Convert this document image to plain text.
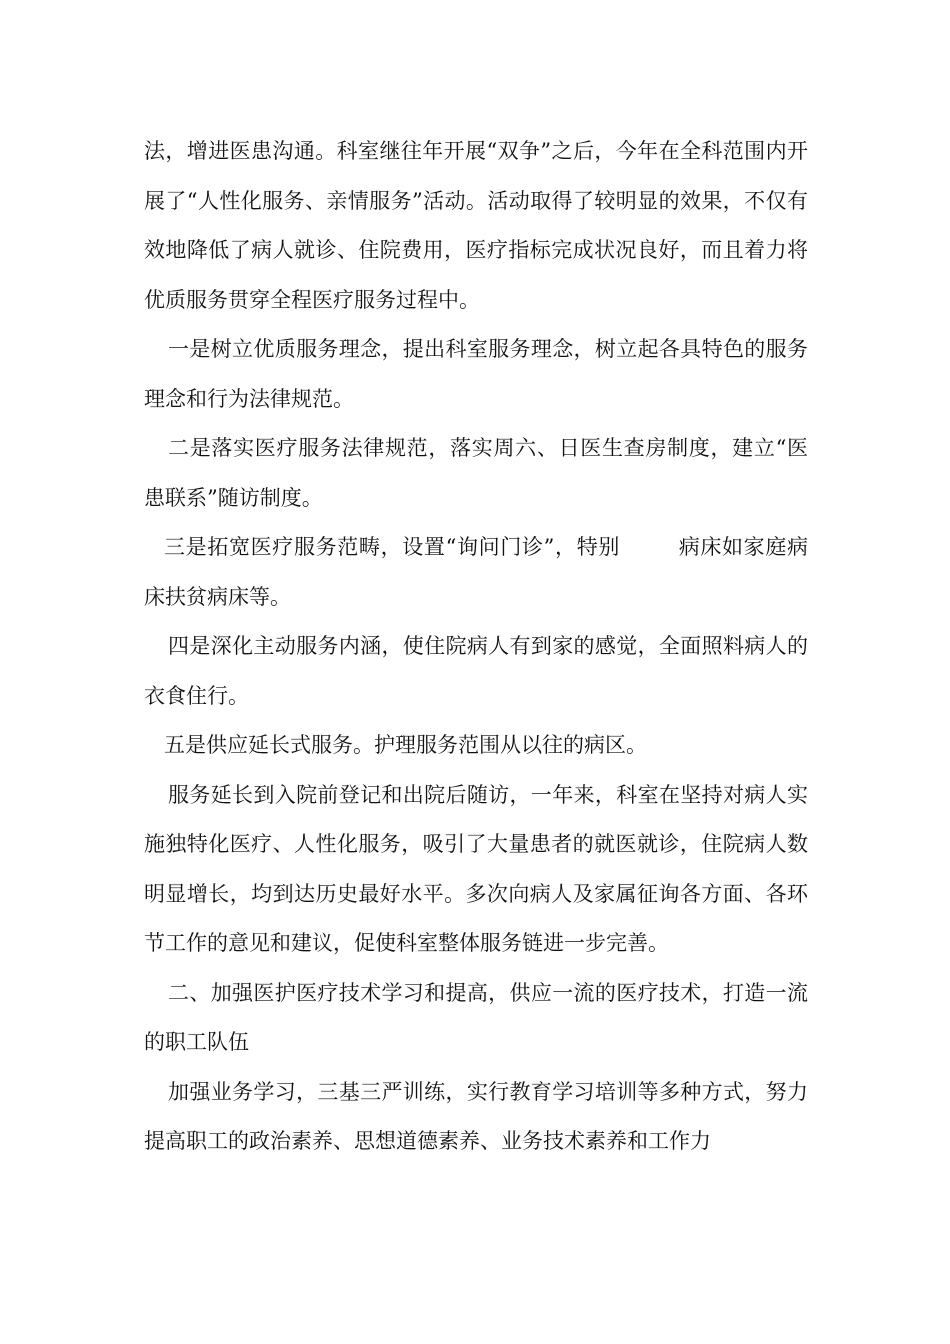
法，增进医患沟通。科室继往年开展“双争”之后，今年在全科范围内开展了“人性化服务、亲情服务”活动。活动取得了较明显的效果，不仅有效地降低了病人就诊、住院费用，医疗指标完成状况良好，而且着力将优质服务贯穿全程医疗服务过程中。

一是树立优质服务理念，提出科室服务理念，树立起各具特色的服务理念和行为法律规范。

二是落实医疗服务法律规范，落实周六、日医生查房制度，建立“医患联系”随访制度。

三是拓宽医疗服务范畴，设置“询问门诊”，特别	病床如家庭病床扶贫病床等。

四是深化主动服务内涵，使住院病人有到家的感觉，全面照料病人的衣食住行。

五是供应延长式服务。护理服务范围从以往的病区。

服务延长到入院前登记和出院后随访，一年来，科室在坚持对病人实施独特化医疗、人性化服务，吸引了大量患者的就医就诊，住院病人数明显增长，均到达历史最好水平。多次向病人及家属征询各方面、各环节工作的意见和建议，促使科室整体服务链进一步完善。

二、加强医护医疗技术学习和提高，供应一流的医疗技术，打造一流的职工队伍

加强业务学习，三基三严训练，实行教育学习培训等多种方式，努力提高职工的政治素养、思想道德素养、业务技术素养和工作力
